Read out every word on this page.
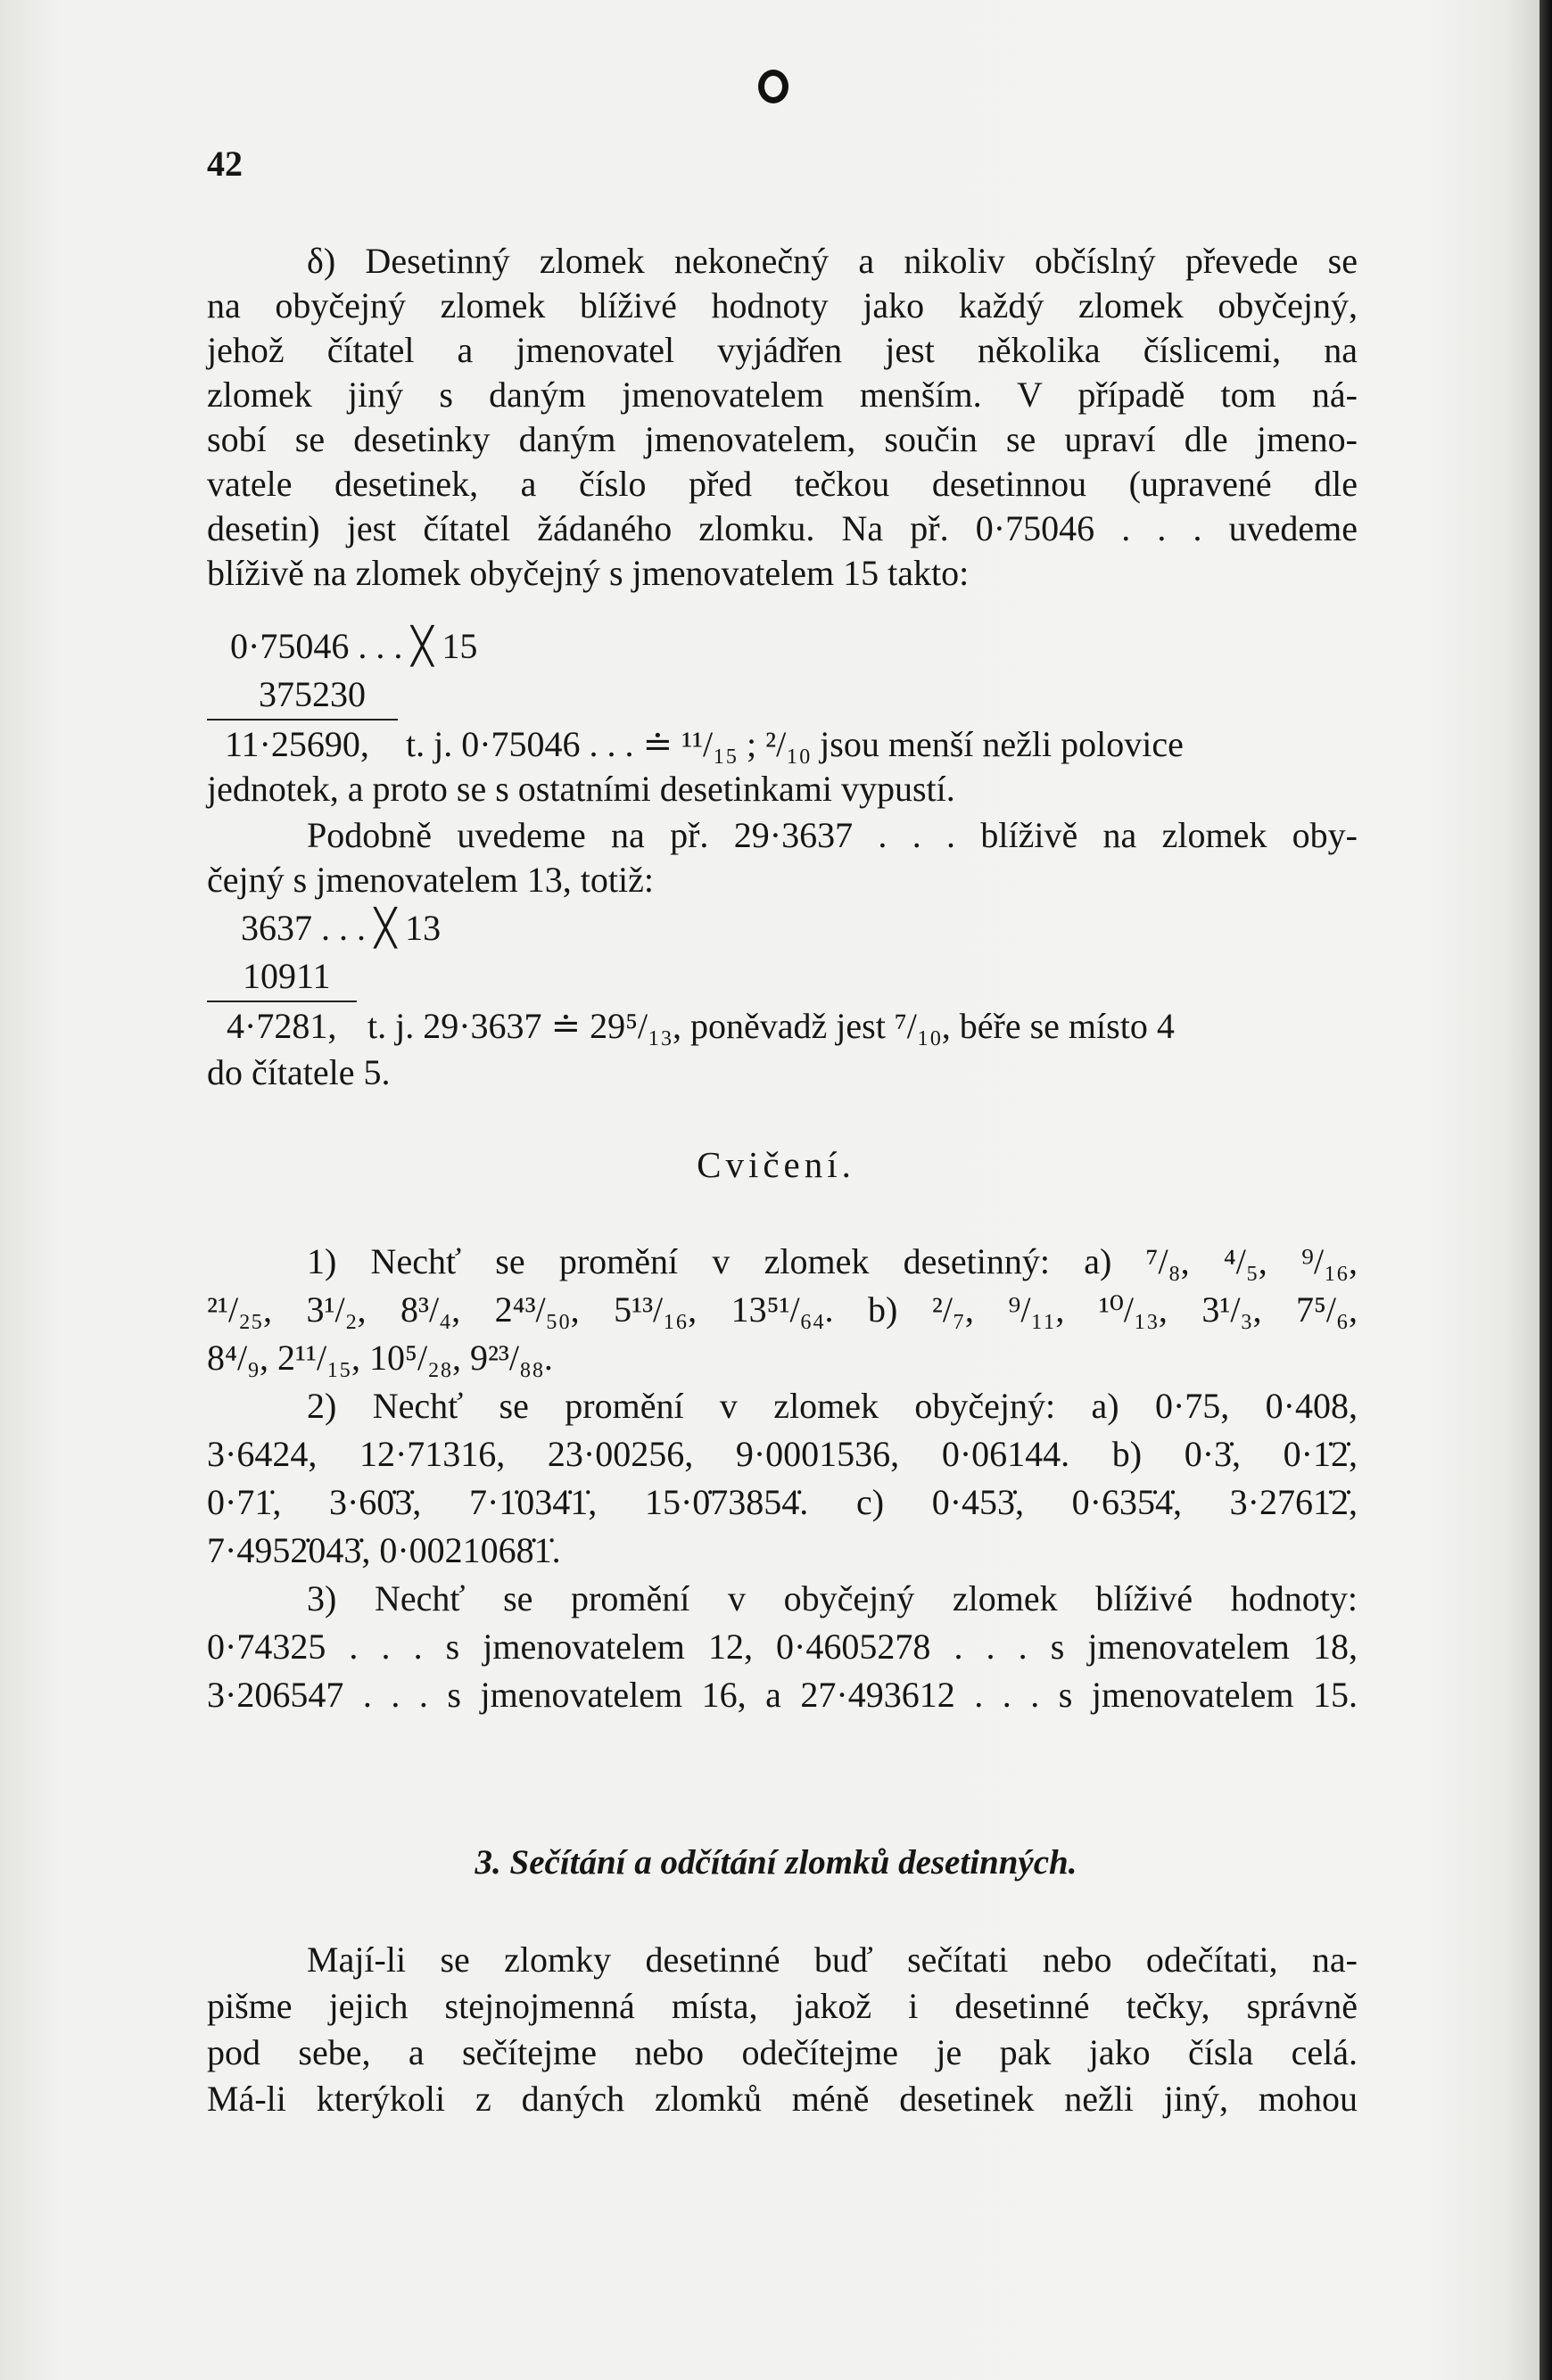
42

δ) Desetinný zlomek nekonečný a nikoliv občíslný převede se

na obyčejný zlomek blíživé hodnoty jako každý zlomek obyčejný,

jehož čítatel a jmenovatel vyjádřen jest několika číslicemi, na

zlomek jiný s daným jmenovatelem menším. V případě tom ná-

sobí se desetinky daným jmenovatelem, součin se upraví dle jmeno-

vatele desetinek, a číslo před tečkou desetinnou (upravené dle

desetin) jest čítatel žádaného zlomku. Na př. 0·75046 . . . uvedeme

blíživě na zlomek obyčejný s jmenovatelem 15 takto:

0·75046 . . . ╳ 15
375230
11·25690, t. j. 0·75046 . . . ≐ ¹¹/₁₅ ; ²/₁₀ jsou menší nežli polovice
jednotek, a proto se s ostatními desetinkami vypustí.

Podobně uvedeme na př. 29·3637 . . . blíživě na zlomek oby-

čejný s jmenovatelem 13, totiž:

3637 . . . ╳ 13
10911
4·7281, t. j. 29·3637 ≐ 29⁵/₁₃, poněvadž jest ⁷/₁₀, béře se místo 4
do čítatele 5.
Cvičení.

1) Nechť se promění v zlomek desetinný: a) ⁷/₈, ⁴/₅, ⁹/₁₆,

²¹/₂₅, 3¹/₂, 8³/₄, 2⁴³/₅₀, 5¹³/₁₆, 13⁵¹/₆₄. b) ²/₇, ⁹/₁₁, ¹⁰/₁₃, 3¹/₃, 7⁵/₆,

8⁴/₉, 2¹¹/₁₅, 10⁵/₂₈, 9²³/₈₈.

2) Nechť se promění v zlomek obyčejný: a) 0·75, 0·408,

3·6424, 12·71316, 23·00256, 9·0001536, 0·06144. b) 0·3̇, 0·1̇2̇,

0·71̇, 3·60̇3̇, 7·1̇034̇1̇, 15·0̇73854̇. c) 0·453̇, 0·635̇4̇, 3·2761̇2̇,

7·4952̇043̇, 0·0021068̇1̇.

3) Nechť se promění v obyčejný zlomek blíživé hodnoty:

0·74325 . . . s jmenovatelem 12, 0·4605278 . . . s jmenovatelem 18,

3·206547 . . . s jmenovatelem 16, a 27·493612 . . . s jmenovatelem 15.

3. Sečítání a odčítání zlomků desetinných.

Mají-li se zlomky desetinné buď sečítati nebo odečítati, na-

pišme jejich stejnojmenná místa, jakož i desetinné tečky, správně

pod sebe, a sečítejme nebo odečítejme je pak jako čísla celá.

Má-li kterýkoli z daných zlomků méně desetinek nežli jiný, mohou
